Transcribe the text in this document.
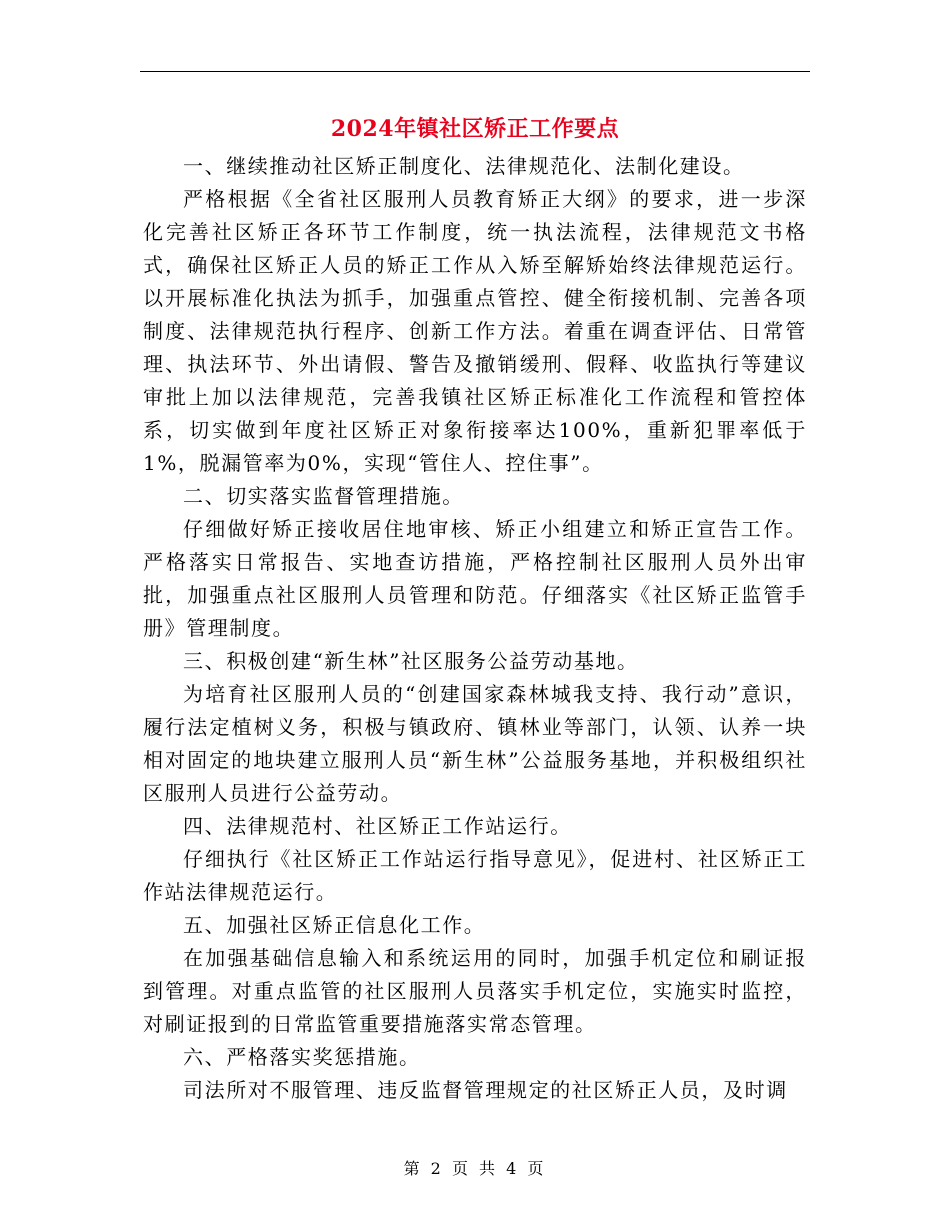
2024年镇社区矫正工作要点

一、继续推动社区矫正制度化、法律规范化、法制化建设。

严格根据《全省社区服刑人员教育矫正大纲》的要求，进一步深化完善社区矫正各环节工作制度，统一执法流程，法律规范文书格式，确保社区矫正人员的矫正工作从入矫至解矫始终法律规范运行。以开展标准化执法为抓手，加强重点管控、健全衔接机制、完善各项制度、法律规范执行程序、创新工作方法。着重在调查评估、日常管理、执法环节、外出请假、警告及撤销缓刑、假释、收监执行等建议审批上加以法律规范，完善我镇社区矫正标准化工作流程和管控体系，切实做到年度社区矫正对象衔接率达100%，重新犯罪率低于1%，脱漏管率为0%，实现“管住人、控住事”。

二、切实落实监督管理措施。

仔细做好矫正接收居住地审核、矫正小组建立和矫正宣告工作。严格落实日常报告、实地查访措施，严格控制社区服刑人员外出审批，加强重点社区服刑人员管理和防范。仔细落实《社区矫正监管手册》管理制度。

三、积极创建“新生林”社区服务公益劳动基地。

为培育社区服刑人员的“创建国家森林城我支持、我行动”意识，履行法定植树义务，积极与镇政府、镇林业等部门，认领、认养一块相对固定的地块建立服刑人员“新生林”公益服务基地，并积极组织社区服刑人员进行公益劳动。

四、法律规范村、社区矫正工作站运行。

仔细执行《社区矫正工作站运行指导意见》，促进村、社区矫正工作站法律规范运行。

五、加强社区矫正信息化工作。

在加强基础信息输入和系统运用的同时，加强手机定位和刷证报到管理。对重点监管的社区服刑人员落实手机定位，实施实时监控，对刷证报到的日常监管重要措施落实常态管理。

六、严格落实奖惩措施。

司法所对不服管理、违反监督管理规定的社区矫正人员，及时调

第 2 页 共 4 页
